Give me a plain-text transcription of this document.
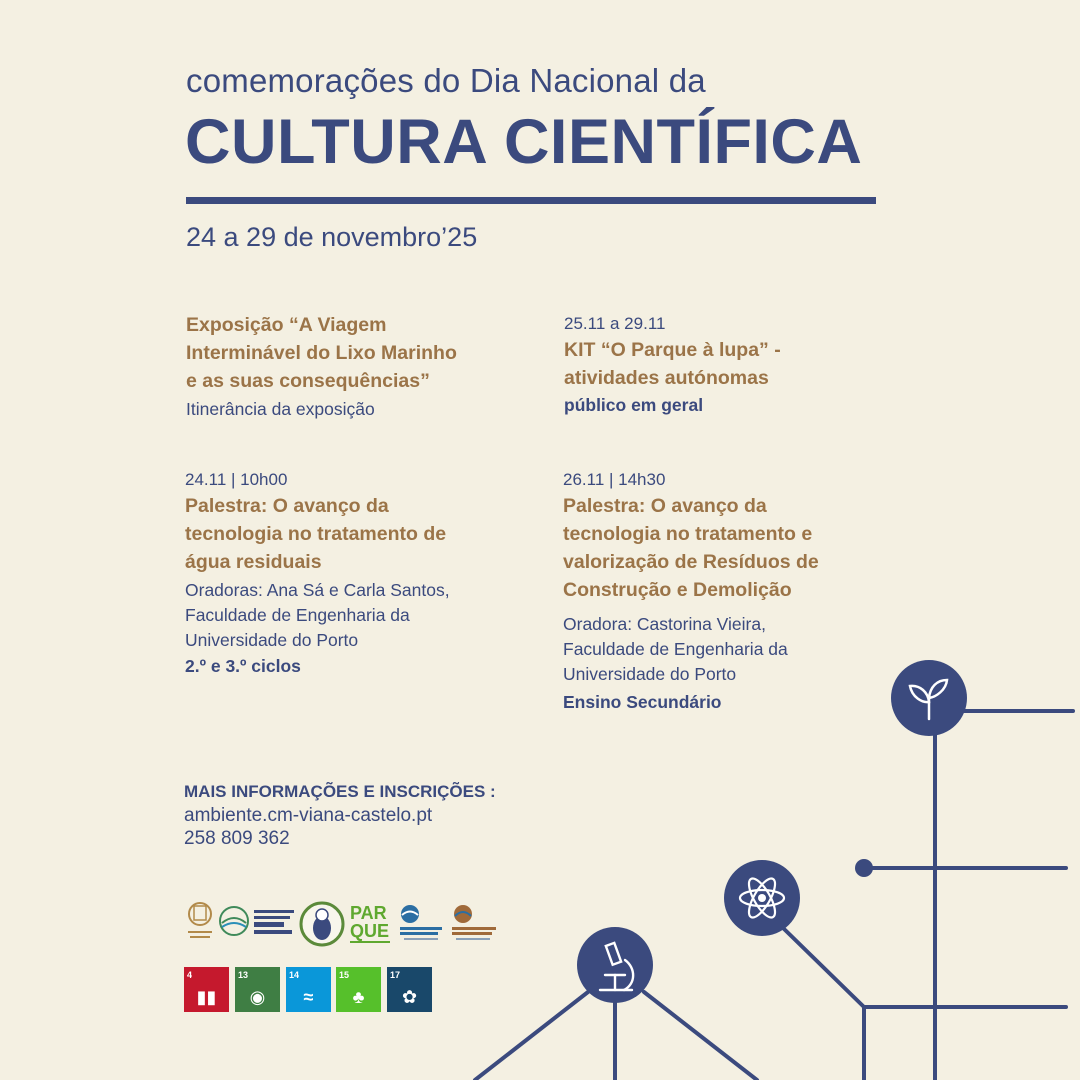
comemorações do Dia Nacional da
CULTURA CIENTÍFICA
24 a 29 de novembro’25
Exposição “A Viagem
Interminável do Lixo Marinho
e as suas consequências”
Itinerância da exposição
25.11 a 29.11
KIT “O Parque à lupa” -
atividades autónomas
público em geral
24.11 | 10h00
Palestra: O avanço da
tecnologia no tratamento de
água residuais
Oradoras: Ana Sá e Carla Santos,
Faculdade de Engenharia da
Universidade do Porto
2.º e 3.º ciclos
26.11 | 14h30
Palestra: O avanço da
tecnologia no tratamento e
valorização de Resíduos de
Construção e Demolição
Oradora: Castorina Vieira,
Faculdade de Engenharia da
Universidade do Porto
Ensino Secundário
MAIS INFORMAÇÕES E INSCRIÇÕES :
ambiente.cm-viana-castelo.pt
258 809 362
PAR
QUE
4
▮▮
13
◉
14
≈
15
♣
17
✿
